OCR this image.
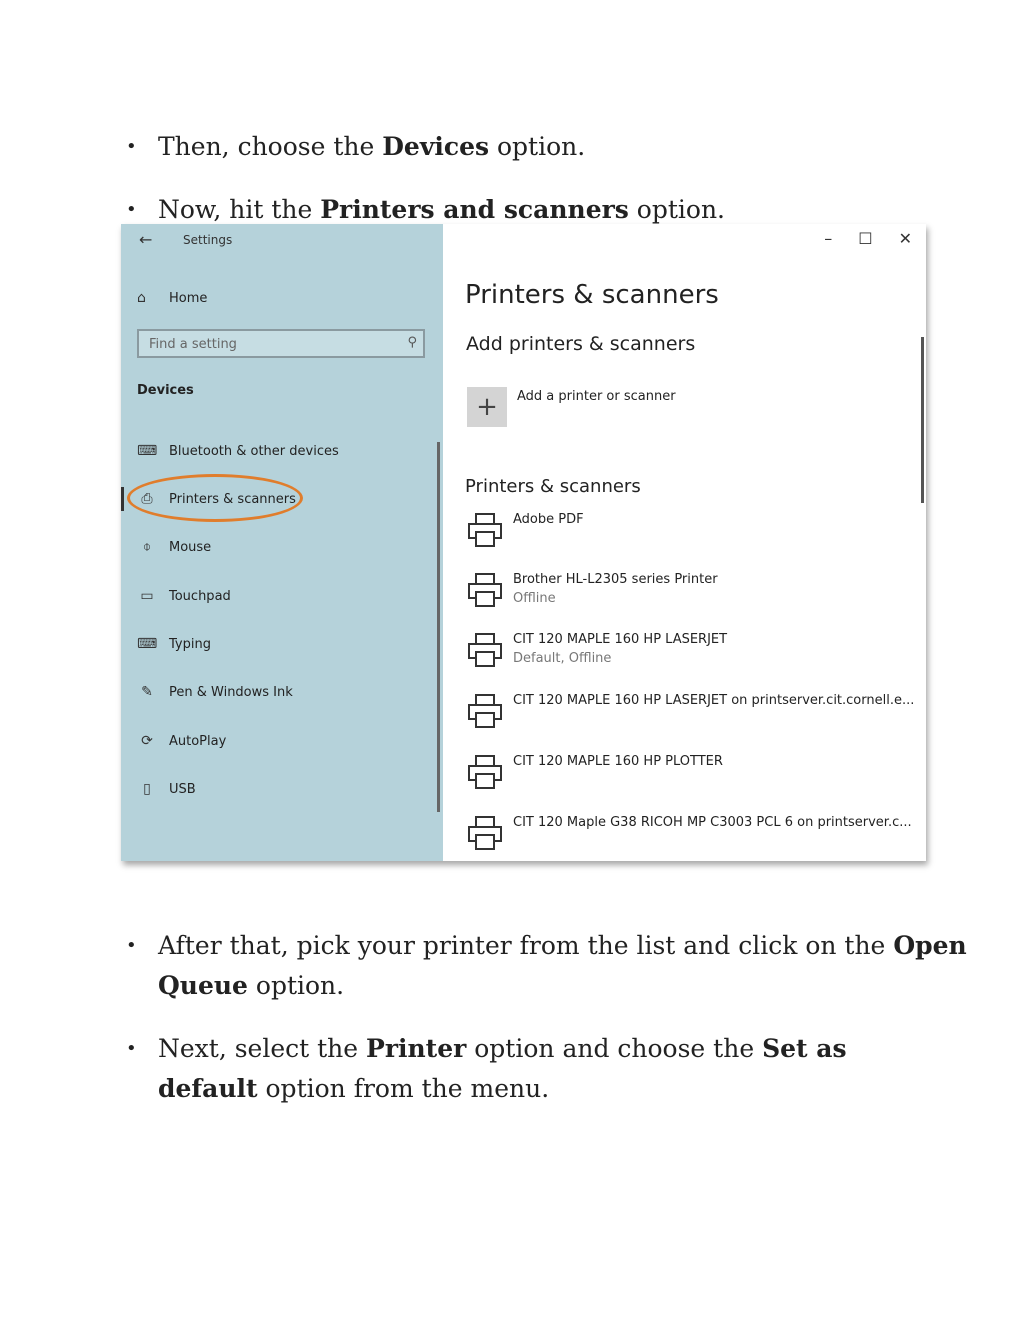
• Then, choose the Devices option.
• Now, hit the Printers and scanners option.
←	Settings
⌂	Home
Find a setting
⚲
Devices
⌨ Bluetooth & other devices
⎙	Printers & scanners
⌽	Mouse
▭ Touchpad
⌨ Typing
✎	Pen & Windows Ink
⟳	AutoPlay
▯	USB
– ☐ ✕
Printers & scanners
Add printers & scanners
+ Add a printer or scanner
Printers & scanners
Adobe PDF
Brother HL-L2305 series Printer
Offline
CIT 120 MAPLE 160 HP LASERJET
Default, Offline
CIT 120 MAPLE 160 HP LASERJET on printserver.cit.cornell.e...
CIT 120 MAPLE 160 HP PLOTTER
CIT 120 Maple G38 RICOH MP C3003 PCL 6 on printserver.c...
• After that, pick your printer from the list and click on the Open
Queue option.
• Next, select the Printer option and choose the Set as
default option from the menu.
